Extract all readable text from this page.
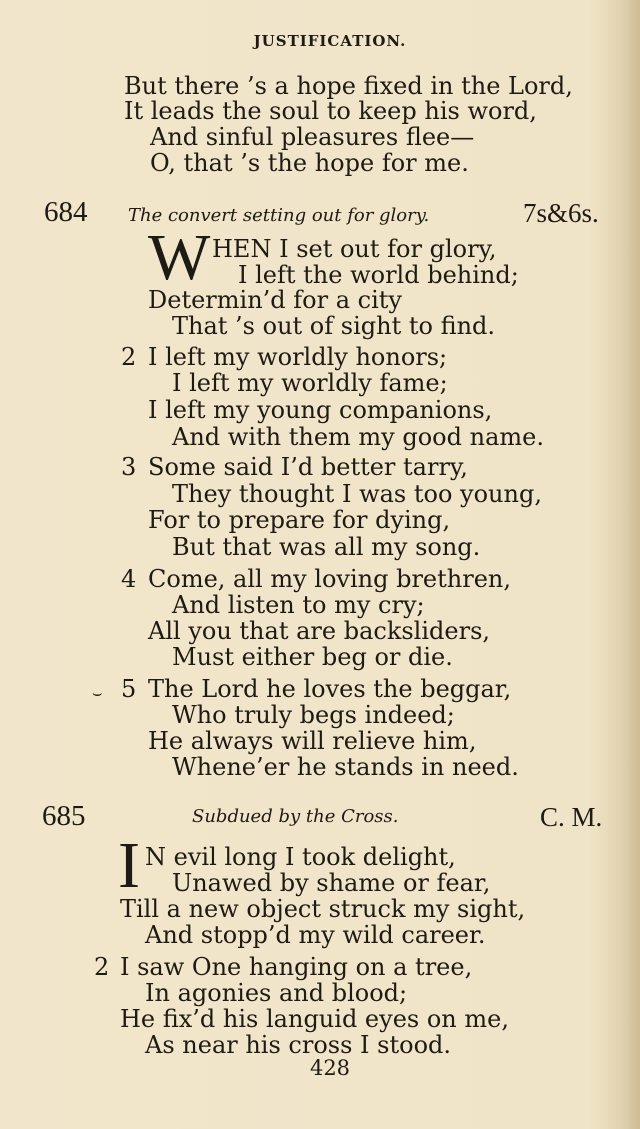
JUSTIFICATION.
But there ’s a hope fixed in the Lord,
It leads the soul to keep his word,
And sinful pleasures flee—
O, that ’s the hope for me.
684 The convert setting out for glory.	7s&6s.
W HEN I set out for glory,
I left the world behind;
Determin’d for a city
That ’s out of sight to find.
2 I left my worldly honors;
I left my worldly fame;
I left my young companions,
And with them my good name.
3 Some said I’d better tarry,
They thought I was too young,
For to prepare for dying,
But that was all my song.
4 Come, all my loving brethren,
And listen to my cry;
All you that are backsliders,
Must either beg or die.
⌣ 5 The Lord he loves the beggar,
Who truly begs indeed;
He always will relieve him,
Whene’er he stands in need.
685	Subdued by the Cross.	C. M.
I N evil long I took delight,
Unawed by shame or fear,
Till a new object struck my sight,
And stopp’d my wild career.
2 I saw One hanging on a tree,
In agonies and blood;
He fix’d his languid eyes on me,
As near his cross I stood.
428
